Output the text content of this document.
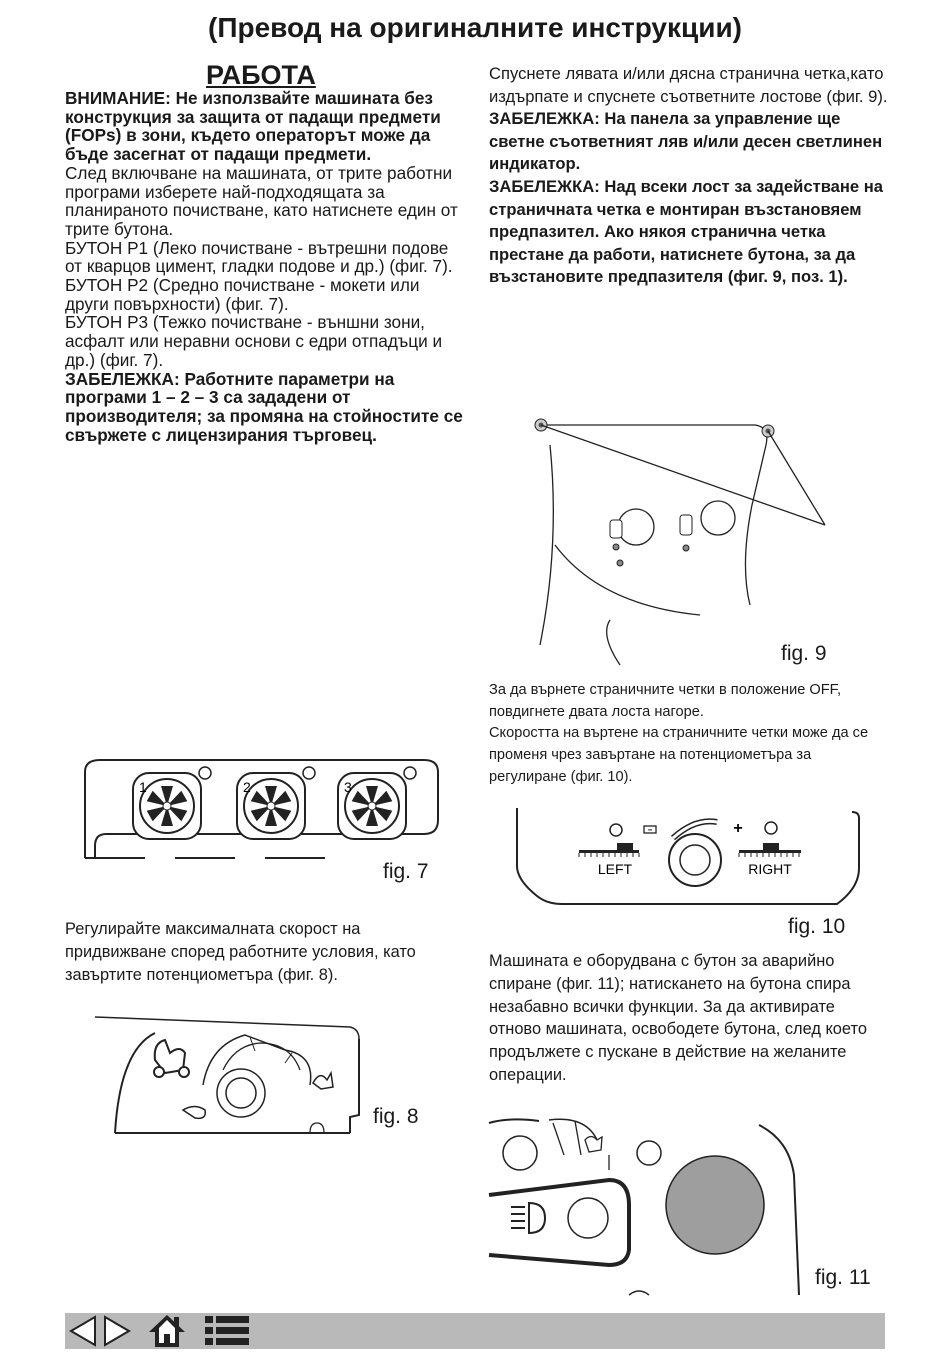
(Превод на оригиналните инструкции)
РАБОТА

ВНИМАНИЕ: Не използвайте машината без конструкция за защита от падащи предмети (FOPs) в зони, където операторът може да бъде засегнат от падащи предмети.

След включване на машината, от трите работни програми изберете най-подходящата за планираното почистване, като натиснете един от трите бутона.

БУТОН P1 (Леко почистване - вътрешни подове от кварцов цимент, гладки подове и др.) (фиг. 7).

БУТОН P2 (Средно почистване - мокети или други повърхности) (фиг. 7).

БУТОН P3 (Тежко почистване - външни зони, асфалт или неравни основи с едри отпадъци и др.) (фиг. 7).

ЗАБЕЛЕЖКА: Работните параметри на програми 1 – 2 – 3 са зададени от производителя; за промяна на стойностите се свържете с лицензирания търговец.

Спуснете лявата и/или дясна странична четка,като издърпате и спуснете съответните лостове (фиг. 9).

ЗАБЕЛЕЖКА: На панела за управление ще светне съответният ляв и/или десен светлинен индикатор.

ЗАБЕЛЕЖКА: Над всеки лост за задействане на страничната четка е монтиран възстановяем предпазител. Ако някоя странична четка престане да работи, натиснете бутона, за да възстановите предпазителя (фиг. 9, поз. 1).

fig. 9

За да върнете страничните четки в положение OFF, повдигнете двата лоста нагоре.

Скоростта на въртене на страничните четки може да се променя чрез завъртане на потенциометъра за регулиране (фиг. 10).

1	2	3
fig. 7
Регулирайте максималната скорост на придвижване според работните условия, като завъртите потенциометъра (фиг. 8).
fig. 8
−	+
LEFT	RIGHT
fig. 10
Машината е оборудвана с бутон за аварийно спиране (фиг. 11); натискането на бутона спира незабавно всички функции. За да активирате отново машината, освободете бутона, след което продължете с пускане в действие на желаните операции.
fig. 11
